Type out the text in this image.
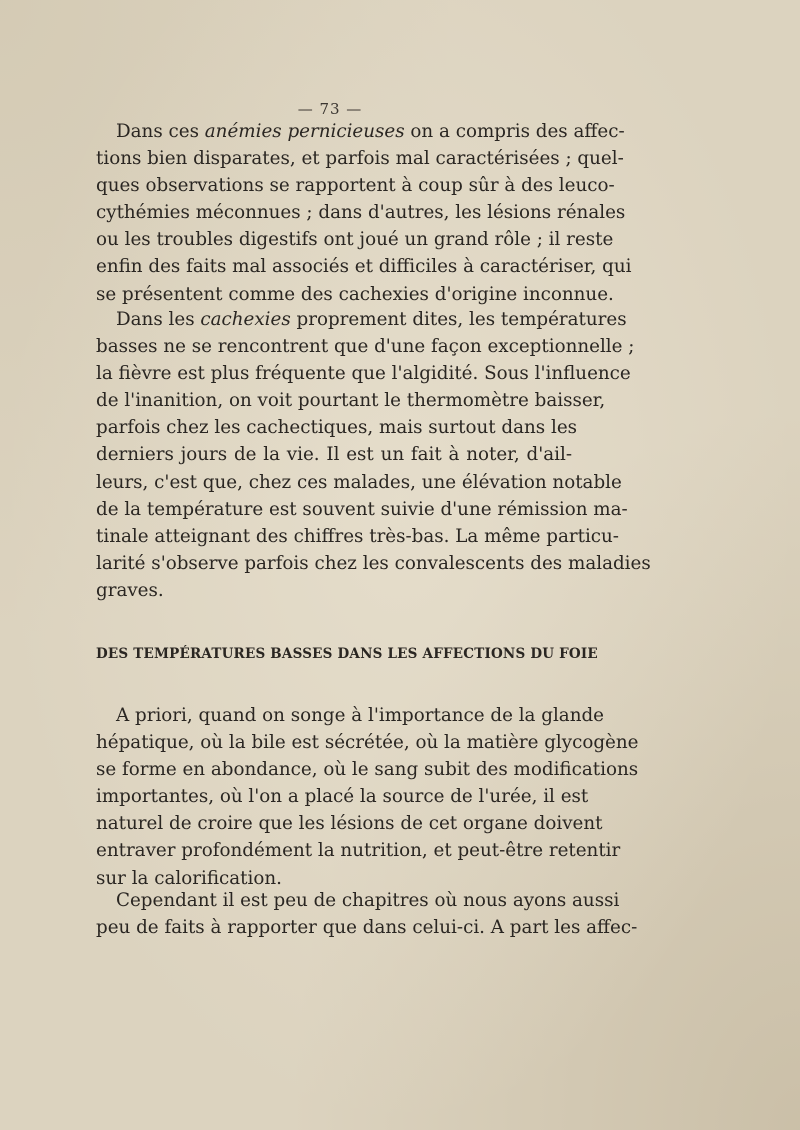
— 73 —
Dans ces anémies pernicieuses on a compris des affec-
tions bien disparates, et parfois mal caractérisées ; quel-
ques observations se rapportent à coup sûr à des leuco-
cythémies méconnues ; dans d'autres, les lésions rénales
ou les troubles digestifs ont joué un grand rôle ; il reste
enfin des faits mal associés et difficiles à caractériser, qui
se présentent comme des cachexies d'origine inconnue.
Dans les cachexies proprement dites, les températures
basses ne se rencontrent que d'une façon exceptionnelle ;
la fièvre est plus fréquente que l'algidité. Sous l'influence
de l'inanition, on voit pourtant le thermomètre baisser,
parfois chez les cachectiques, mais surtout dans les
derniers jours de la vie. Il est un fait à noter, d'ail-
leurs, c'est que, chez ces malades, une élévation notable
de la température est souvent suivie d'une rémission ma-
tinale atteignant des chiffres très-bas. La même particu-
larité s'observe parfois chez les convalescents des maladies
graves.
DES TEMPÉRATURES BASSES DANS LES AFFECTIONS DU FOIE
A priori, quand on songe à l'importance de la glande
hépatique, où la bile est sécrétée, où la matière glycogène
se forme en abondance, où le sang subit des modifications
importantes, où l'on a placé la source de l'urée, il est
naturel de croire que les lésions de cet organe doivent
entraver profondément la nutrition, et peut-être retentir
sur la calorification.
Cependant il est peu de chapitres où nous ayons aussi
peu de faits à rapporter que dans celui-ci. A part les affec-
